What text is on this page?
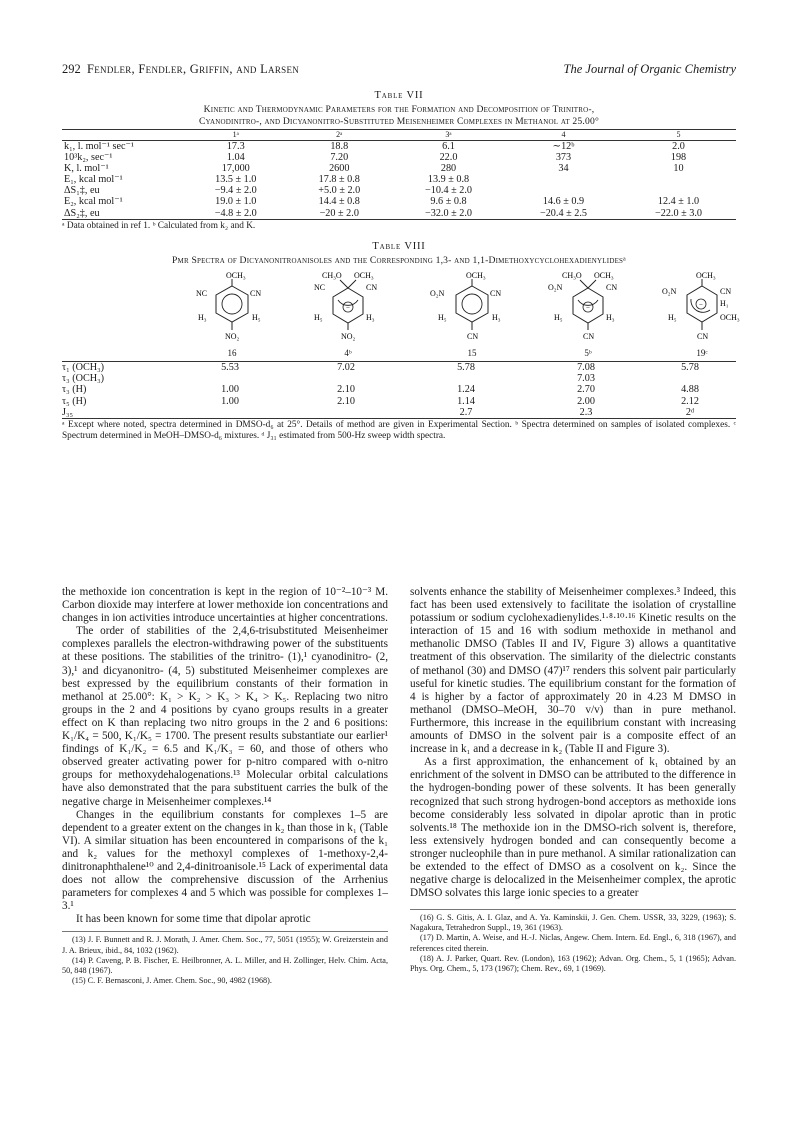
292 Fendler, Fendler, Griffin, and Larsen	The Journal of Organic Chemistry
Table VII
Kinetic and Thermodynamic Parameters for the Formation and Decomposition of Trinitro-,
Cyanodinitro-, and Dicyanonitro-Substituted Meisenheimer Complexes in Methanol at 25.00°
	1ᵃ	2ᵃ	3ᵃ	4	5
k₁, l. mol⁻¹ sec⁻¹	17.3	18.8	6.1	∼12ᵇ	2.0
10³k₂, sec⁻¹	1.04	7.20	22.0	373	198
K, l. mol⁻¹	17,000	2600	280	34	10
E₁, kcal mol⁻¹	13.5 ± 1.0	17.8 ± 0.8	13.9 ± 0.8		
ΔS₁‡, eu	−9.4 ± 2.0	+5.0 ± 2.0	−10.4 ± 2.0		
E₂, kcal mol⁻¹	19.0 ± 1.0	14.4 ± 0.8	9.6 ± 0.8	14.6 ± 0.9	12.4 ± 1.0
ΔS₂‡, eu	−4.8 ± 2.0	−20 ± 2.0	−32.0 ± 2.0	−20.4 ± 2.5	−22.0 ± 3.0
ᵃ Data obtained in ref 1. ᵇ Calculated from k₂ and K.
Table VIII
Pmr Spectra of Dicyanonitroanisoles and the Corresponding 1,3- and 1,1-Dimethoxycyclohexadienylidesᵃ
OCH₃
NC	CN
H₃	H₅
NO₂
−
CH₃O OCH₃
NC	CN
H₅	H₃
NO₂
OCH₃
O₂N	CN
H₅	H₃
CN
−
CH₃O OCH₃
O₂N	CN
H₅	H₃
CN
−
OCH₃
O₂N	CN
H₁
OCH₃
H₅
CN
16	4ᵇ	15	5ᵇ	19ᶜ
τ₁ (OCH₃)	5.53	7.02	5.78	7.08	5.78
τ₃ (OCH₃)				7.03	
τ₃ (H)	1.00	2.10	1.24	2.70	4.88
τ₅ (H)	1.00	2.10	1.14	2.00	2.12
J₃₅			2.7	2.3	2ᵈ
ᵃ Except where noted, spectra determined in DMSO-d₆ at 25°. Details of method are given in Experimental Section. ᵇ Spectra determined on samples of isolated complexes. ᶜ Spectrum determined in MeOH–DMSO-d₆ mixtures. ᵈ J₃₁ estimated from 500-Hz sweep width spectra.

the methoxide ion concentration is kept in the region of 10⁻²–10⁻³ M. Carbon dioxide may interfere at lower methoxide ion concentrations and changes in ion activities introduce uncertainties at higher concentrations.

The order of stabilities of the 2,4,6-trisubstituted Meisenheimer complexes parallels the electron-withdrawing power of the substituents at these positions. The stabilities of the trinitro- (1),¹ cyanodinitro- (2, 3),¹ and dicyanonitro- (4, 5) substituted Meisenheimer complexes are best expressed by the equilibrium constants of their formation in methanol at 25.00°: K₁ > K₂ > K₃ > K₄ > K₅. Replacing two nitro groups in the 2 and 4 positions by cyano groups results in a greater effect on K than replacing two nitro groups in the 2 and 6 positions: K₁/K₄ = 500, K₁/K₅ = 1700. The present results substantiate our earlier¹ findings of K₁/K₂ = 6.5 and K₁/K₃ = 60, and those of others who observed greater activating power for p-nitro compared with o-nitro groups for methoxydehalogenations.¹³ Molecular orbital calculations have also demonstrated that the para substituent carries the bulk of the negative charge in Meisenheimer complexes.¹⁴

Changes in the equilibrium constants for complexes 1–5 are dependent to a greater extent on the changes in k₂ than those in k₁ (Table VI). A similar situation has been encountered in comparisons of the k₁ and k₂ values for the methoxyl complexes of 1-methoxy-2,4-dinitronaphthalene¹⁰ and 2,4-dinitroanisole.¹⁵ Lack of experimental data does not allow the comprehensive discussion of the Arrhenius parameters for complexes 4 and 5 which was possible for complexes 1–3.¹

It has been known for some time that dipolar aprotic

(13) J. F. Bunnett and R. J. Morath, J. Amer. Chem. Soc., 77, 5051 (1955); W. Greizerstein and J. A. Brieux, ibid., 84, 1032 (1962).
(14) P. Caveng, P. B. Fischer, E. Heilbronner, A. L. Miller, and H. Zollinger, Helv. Chim. Acta, 50, 848 (1967).
(15) C. F. Bernasconi, J. Amer. Chem. Soc., 90, 4982 (1968).

solvents enhance the stability of Meisenheimer complexes.³ Indeed, this fact has been used extensively to facilitate the isolation of crystalline potassium or sodium cyclohexadienylides.¹·⁸·¹⁰·¹⁶ Kinetic results on the interaction of 15 and 16 with sodium methoxide in methanol and methanolic DMSO (Tables II and IV, Figure 3) allows a quantitative treatment of this observation. The similarity of the dielectric constants of methanol (30) and DMSO (47)¹⁷ renders this solvent pair particularly useful for kinetic studies. The equilibrium constant for the formation of 4 is higher by a factor of approximately 20 in 4.23 M DMSO in methanol (DMSO–MeOH, 30–70 v/v) than in pure methanol. Furthermore, this increase in the equilibrium constant with increasing amounts of DMSO in the solvent pair is a composite effect of an increase in k₁ and a decrease in k₂ (Table II and Figure 3).

As a first approximation, the enhancement of k₁ obtained by an enrichment of the solvent in DMSO can be attributed to the difference in the hydrogen-bonding power of these solvents. It has been generally recognized that such strong hydrogen-bond acceptors as methoxide ions become considerably less solvated in dipolar aprotic than in protic solvents.¹⁸ The methoxide ion in the DMSO-rich solvent is, therefore, less extensively hydrogen bonded and can consequently become a stronger nucleophile than in pure methanol. A similar rationalization can be extended to the effect of DMSO as a cosolvent on k₂. Since the negative charge is delocalized in the Meisenheimer complex, the aprotic DMSO solvates this large ionic species to a greater

(16) G. S. Gitis, A. I. Glaz, and A. Ya. Kaminskii, J. Gen. Chem. USSR, 33, 3229, (1963); S. Nagakura, Tetrahedron Suppl., 19, 361 (1963).
(17) D. Martin, A. Weise, and H.-J. Niclas, Angew. Chem. Intern. Ed. Engl., 6, 318 (1967), and references cited therein.
(18) A. J. Parker, Quart. Rev. (London), 163 (1962); Advan. Org. Chem., 5, 1 (1965); Advan. Phys. Org. Chem., 5, 173 (1967); Chem. Rev., 69, 1 (1969).
